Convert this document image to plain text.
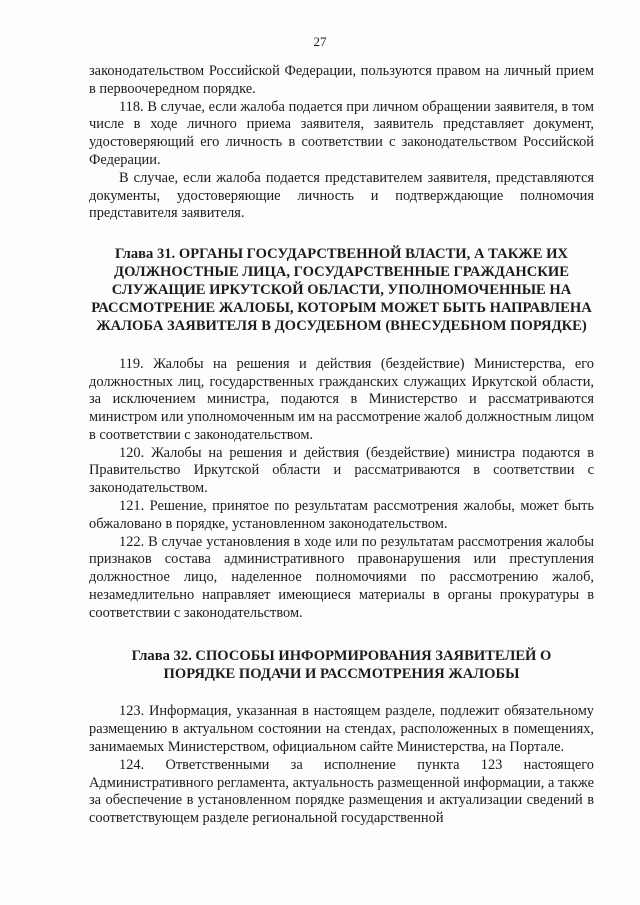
27

законодательством Российской Федерации, пользуются правом на личный прием в первоочередном порядке.

118. В случае, если жалоба подается при личном обращении заявителя, в том числе в ходе личного приема заявителя, заявитель представляет документ, удостоверяющий его личность в соответствии с законодательством Российской Федерации.

В случае, если жалоба подается представителем заявителя, представляются документы, удостоверяющие личность и подтверждающие полномочия представителя заявителя.

Глава 31. ОРГАНЫ ГОСУДАРСТВЕННОЙ ВЛАСТИ, А ТАКЖЕ ИХ ДОЛЖНОСТНЫЕ ЛИЦА, ГОСУДАРСТВЕННЫЕ ГРАЖДАНСКИЕ СЛУЖАЩИЕ ИРКУТСКОЙ ОБЛАСТИ, УПОЛНОМОЧЕННЫЕ НА РАССМОТРЕНИЕ ЖАЛОБЫ, КОТОРЫМ МОЖЕТ БЫТЬ НАПРАВЛЕНА ЖАЛОБА ЗАЯВИТЕЛЯ В ДОСУДЕБНОМ (ВНЕСУДЕБНОМ ПОРЯДКЕ)

119. Жалобы на решения и действия (бездействие) Министерства, его должностных лиц, государственных гражданских служащих Иркутской области, за исключением министра, подаются в Министерство и рассматриваются министром или уполномоченным им на рассмотрение жалоб должностным лицом в соответствии с законодательством.

120. Жалобы на решения и действия (бездействие) министра подаются в Правительство Иркутской области и рассматриваются в соответствии с законодательством.

121. Решение, принятое по результатам рассмотрения жалобы, может быть обжаловано в порядке, установленном законодательством.

122. В случае установления в ходе или по результатам рассмотрения жалобы признаков состава административного правонарушения или преступления должностное лицо, наделенное полномочиями по рассмотрению жалоб, незамедлительно направляет имеющиеся материалы в органы прокуратуры в соответствии с законодательством.

Глава 32. СПОСОБЫ ИНФОРМИРОВАНИЯ ЗАЯВИТЕЛЕЙ О ПОРЯДКЕ ПОДАЧИ И РАССМОТРЕНИЯ ЖАЛОБЫ

123. Информация, указанная в настоящем разделе, подлежит обязательному размещению в актуальном состоянии на стендах, расположенных в помещениях, занимаемых Министерством, официальном сайте Министерства, на Портале.

124. Ответственными за исполнение пункта 123 настоящего Административного регламента, актуальность размещенной информации, а также за обеспечение в установленном порядке размещения и актуализации сведений в соответствующем разделе региональной государственной
